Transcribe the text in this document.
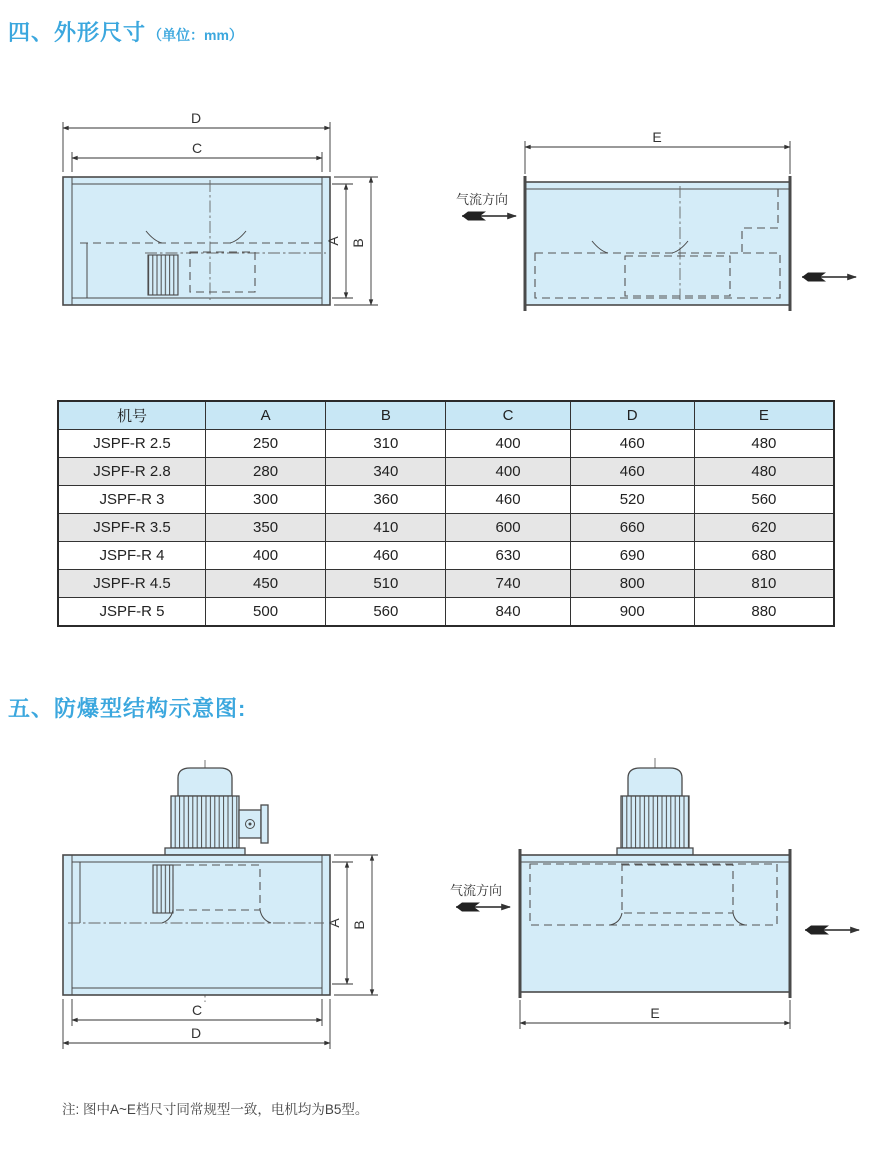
四、外形尺寸 （单位：mm）
D
C
A B
E
气流方向
机号	A	B	C	D	E
JSPF-R 2.5	250	310	400	460	480
JSPF-R 2.8	280	340	400	460	480
JSPF-R 3	300	360	460	520	560
JSPF-R 3.5	350	410	600	660	620
JSPF-R 4	400	460	630	690	680
JSPF-R 4.5	450	510	740	800	810
JSPF-R 5	500	560	840	900	880
五、防爆型结构示意图:
A B
C
D
气流方向
E
注: 图中A~E档尺寸同常规型一致，电机均为B5型。
